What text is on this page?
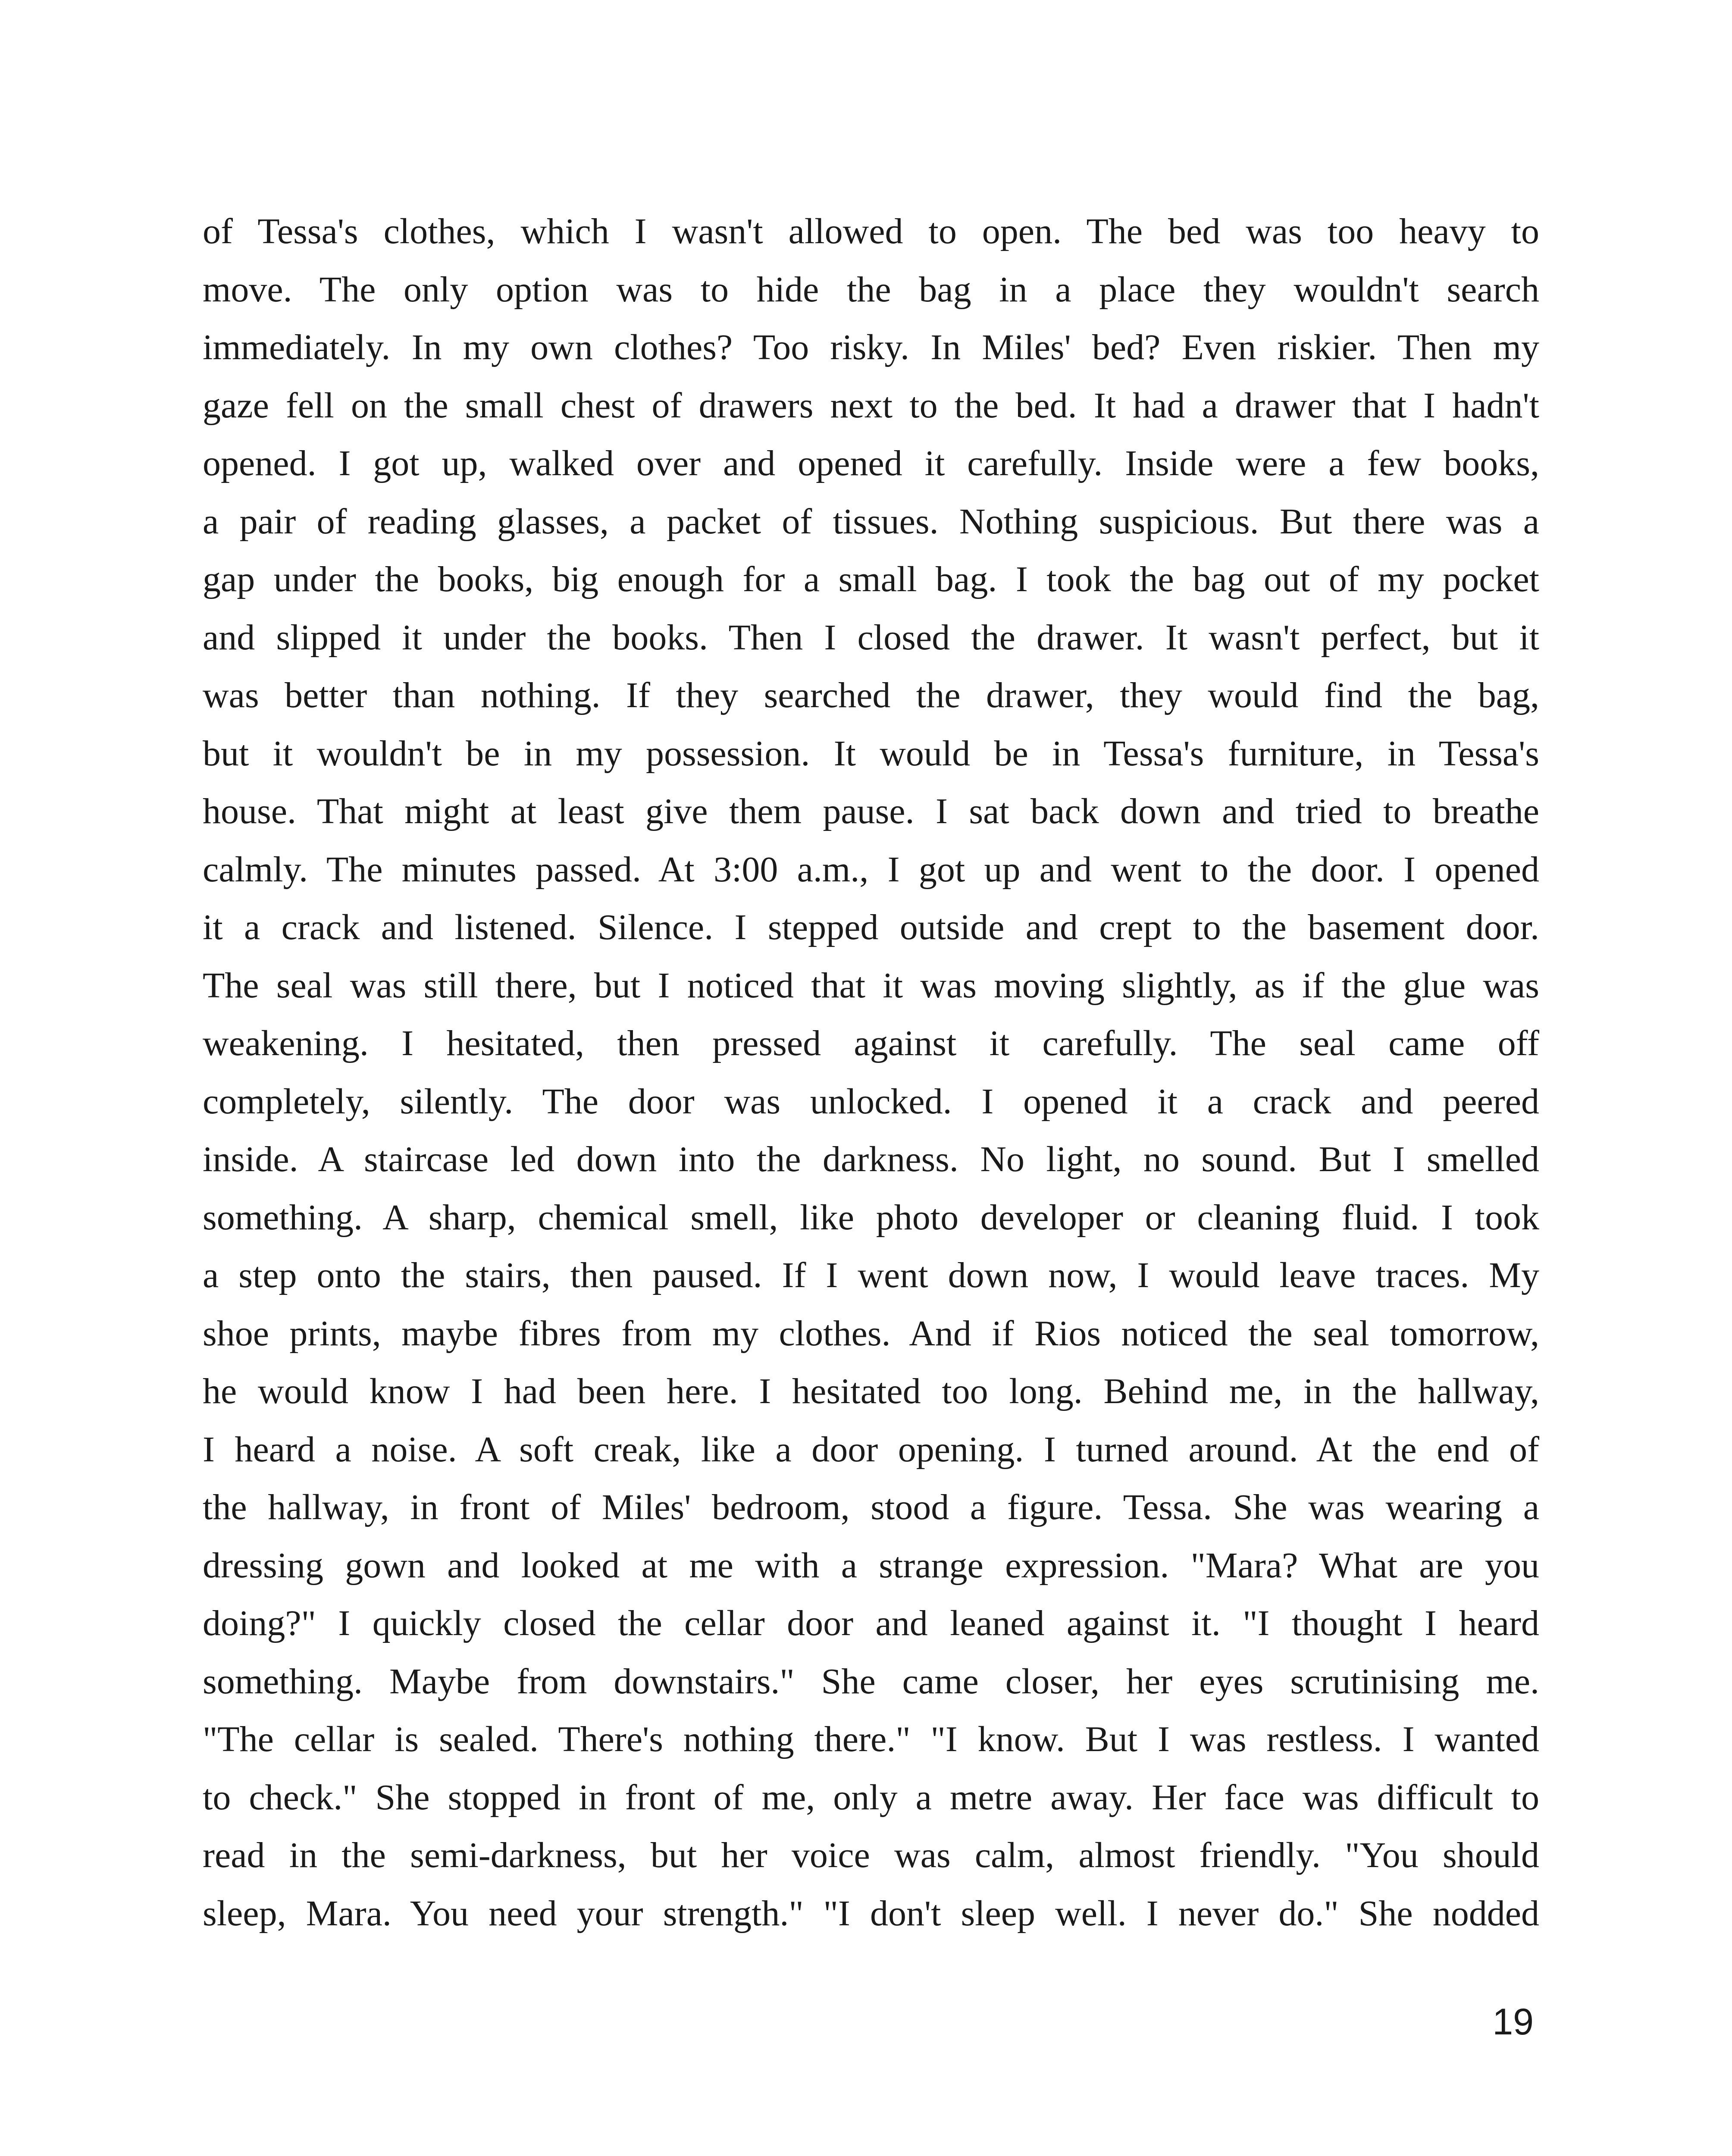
of Tessa's clothes, which I wasn't allowed to open. The bed was too heavy to
move. The only option was to hide the bag in a place they wouldn't search
immediately. In my own clothes? Too risky. In Miles' bed? Even riskier. Then my
gaze fell on the small chest of drawers next to the bed. It had a drawer that I hadn't
opened. I got up, walked over and opened it carefully. Inside were a few books,
a pair of reading glasses, a packet of tissues. Nothing suspicious. But there was a
gap under the books, big enough for a small bag. I took the bag out of my pocket
and slipped it under the books. Then I closed the drawer. It wasn't perfect, but it
was better than nothing. If they searched the drawer, they would find the bag,
but it wouldn't be in my possession. It would be in Tessa's furniture, in Tessa's
house. That might at least give them pause. I sat back down and tried to breathe
calmly. The minutes passed. At 3:00 a.m., I got up and went to the door. I opened
it a crack and listened. Silence. I stepped outside and crept to the basement door.
The seal was still there, but I noticed that it was moving slightly, as if the glue was
weakening. I hesitated, then pressed against it carefully. The seal came off
completely, silently. The door was unlocked. I opened it a crack and peered
inside. A staircase led down into the darkness. No light, no sound. But I smelled
something. A sharp, chemical smell, like photo developer or cleaning fluid. I took
a step onto the stairs, then paused. If I went down now, I would leave traces. My
shoe prints, maybe fibres from my clothes. And if Rios noticed the seal tomorrow,
he would know I had been here. I hesitated too long. Behind me, in the hallway,
I heard a noise. A soft creak, like a door opening. I turned around. At the end of
the hallway, in front of Miles' bedroom, stood a figure. Tessa. She was wearing a
dressing gown and looked at me with a strange expression. "Mara? What are you
doing?" I quickly closed the cellar door and leaned against it. "I thought I heard
something. Maybe from downstairs." She came closer, her eyes scrutinising me.
"The cellar is sealed. There's nothing there." "I know. But I was restless. I wanted
to check." She stopped in front of me, only a metre away. Her face was difficult to
read in the semi-darkness, but her voice was calm, almost friendly. "You should
sleep, Mara. You need your strength." "I don't sleep well. I never do." She nodded
19
